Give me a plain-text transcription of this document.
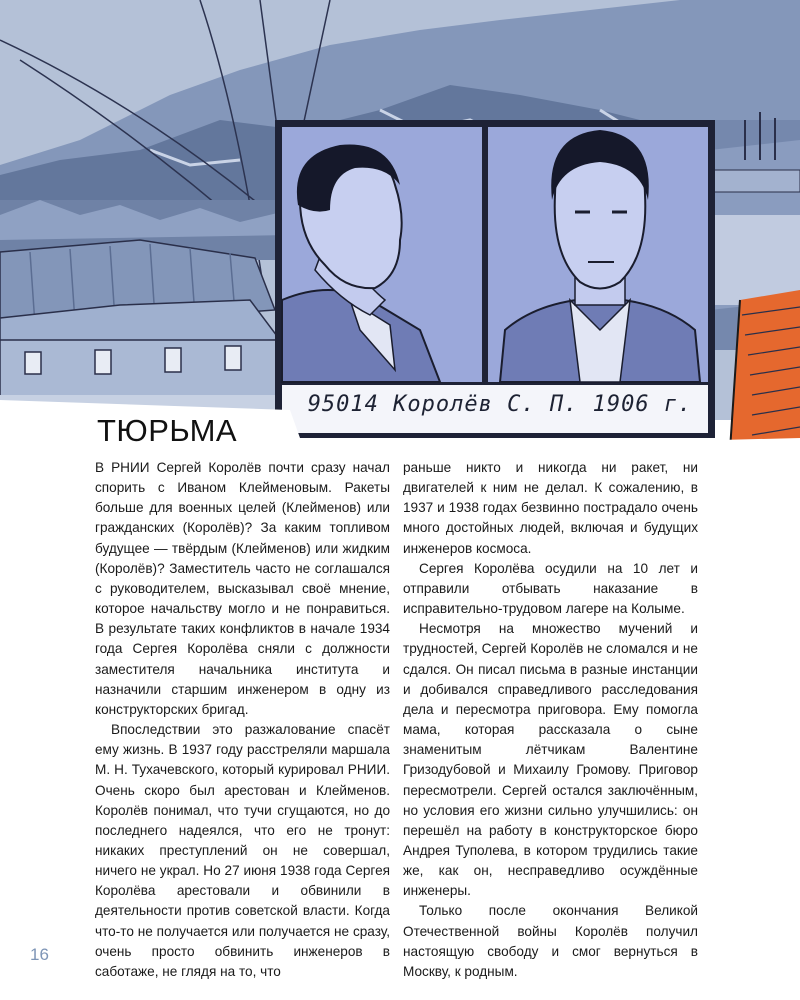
95014 Королёв С. П. 1906 г.
ТЮРЬМА

В РНИИ Сергей Королёв почти сразу начал спорить с Иваном Клейменовым. Ракеты больше для военных целей (Клейменов) или гражданских (Королёв)? За каким топливом будущее — твёрдым (Клейменов) или жидким (Королёв)? Заместитель часто не соглашался с руководителем, высказывал своё мнение, которое начальству могло и не понравиться. В результате таких конфликтов в начале 1934 года Сергея Королёва сняли с должности заместителя начальника института и назначили старшим инженером в одну из конструкторских бригад.

Впоследствии это разжалование спасёт ему жизнь. В 1937 году расстреляли маршала М. Н. Тухачевского, который курировал РНИИ. Очень скоро был арестован и Клейменов. Королёв понимал, что тучи сгущаются, но до последнего надеялся, что его не тронут: никаких преступлений он не совершал, ничего не украл. Но 27 июня 1938 года Сергея Королёва арестовали и обвинили в деятельности против советской власти. Когда что-то не получается или получается не сразу, очень просто обвинить инженеров в саботаже, не глядя на то, что

раньше никто и никогда ни ракет, ни двигателей к ним не делал. К сожалению, в 1937 и 1938 годах безвинно пострадало очень много достойных людей, включая и будущих инженеров космоса.

Сергея Королёва осудили на 10 лет и отправили отбывать наказание в исправительно-трудовом лагере на Колыме.

Несмотря на множество мучений и трудностей, Сергей Королёв не сломался и не сдался. Он писал письма в разные инстанции и добивался справедливого расследования дела и пересмотра приговора. Ему помогла мама, которая рассказала о сыне знаменитым лётчикам Валентине Гризодубовой и Михаилу Громову. Приговор пересмотрели. Сергей остался заключённым, но условия его жизни сильно улучшились: он перешёл на работу в конструкторское бюро Андрея Туполева, в котором трудились такие же, как он, несправедливо осуждённые инженеры.

Только после окончания Великой Отечественной войны Королёв получил настоящую свободу и смог вернуться в Москву, к родным.

16
